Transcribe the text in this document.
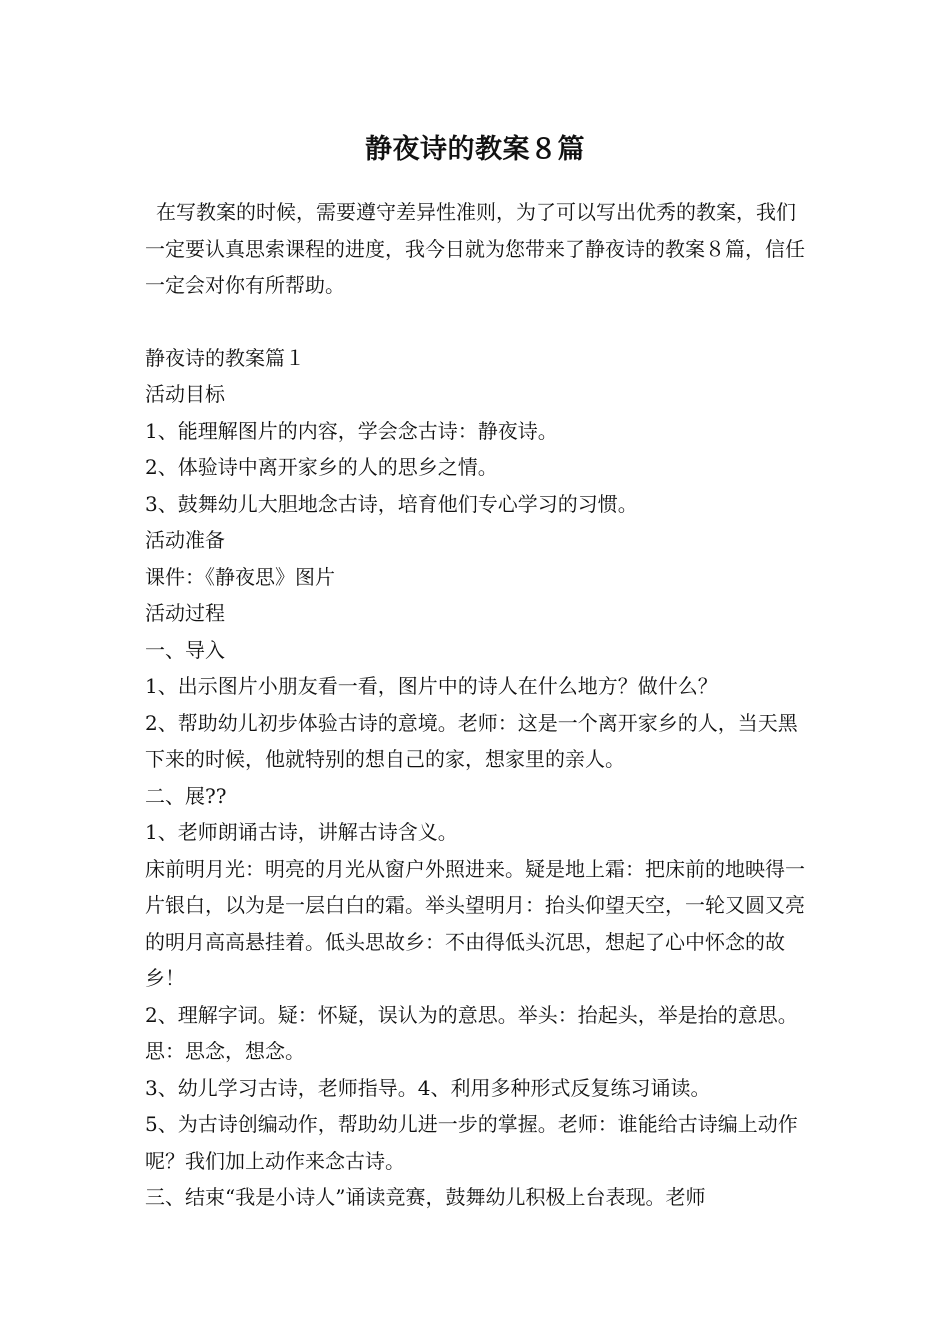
静夜诗的教案８篇

在写教案的时候，需要遵守差异性准则，为了可以写出优秀的教案，我们一定要认真思索课程的进度，我今日就为您带来了静夜诗的教案８篇，信任一定会对你有所帮助。

静夜诗的教案篇１

活动目标

1、能理解图片的内容，学会念古诗：静夜诗。

2、体验诗中离开家乡的人的思乡之情。

3、鼓舞幼儿大胆地念古诗，培育他们专心学习的习惯。

活动准备

课件：《静夜思》图片

活动过程

一、导入

1、出示图片小朋友看一看，图片中的诗人在什么地方？做什么？

2、帮助幼儿初步体验古诗的意境。老师：这是一个离开家乡的人，当天黑下来的时候，他就特别的想自己的家，想家里的亲人。

二、展??

1、老师朗诵古诗，讲解古诗含义。

床前明月光：明亮的月光从窗户外照进来。疑是地上霜：把床前的地映得一片银白，以为是一层白白的霜。举头望明月：抬头仰望天空，一轮又圆又亮的明月高高悬挂着。低头思故乡：不由得低头沉思，想起了心中怀念的故乡！

2、理解字词。疑：怀疑，误认为的意思。举头：抬起头，举是抬的意思。思：思念，想念。

3、幼儿学习古诗，老师指导。4、利用多种形式反复练习诵读。

5、为古诗创编动作，帮助幼儿进一步的掌握。老师：谁能给古诗编上动作呢？我们加上动作来念古诗。

三、结束“我是小诗人”诵读竞赛，鼓舞幼儿积极上台表现。老师
